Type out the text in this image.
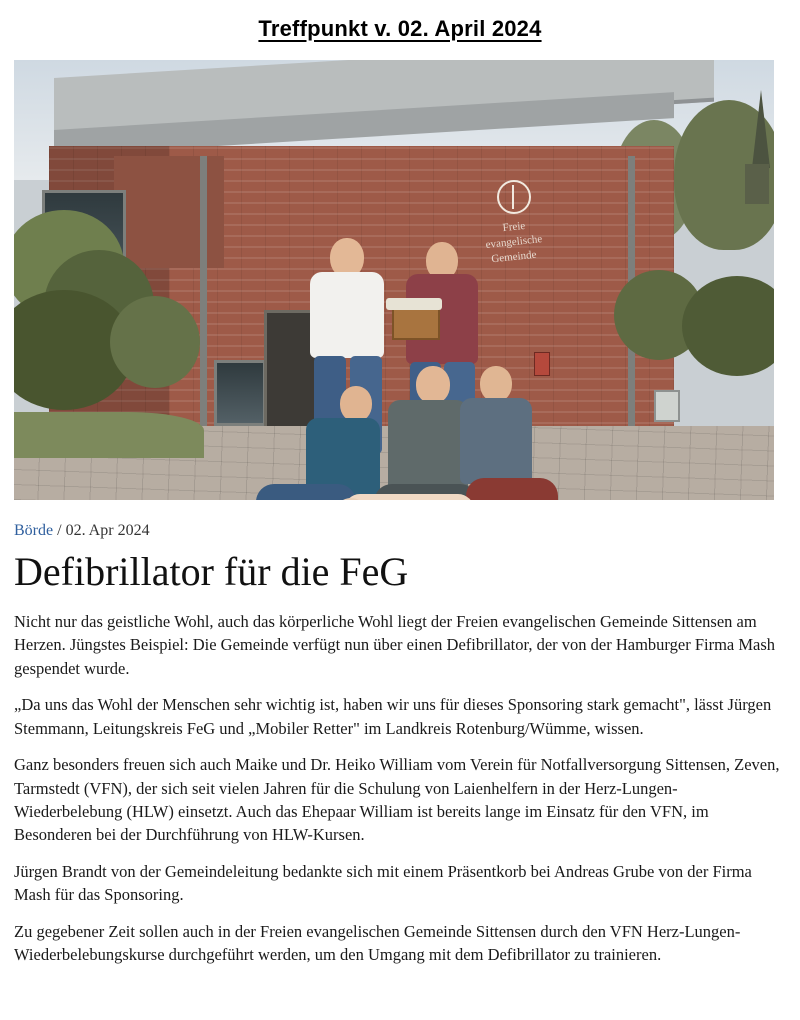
Treffpunkt v. 02. April 2024
Freie
evangelische
Gemeinde
Börde / 02. Apr 2024
Defibrillator für die FeG

Nicht nur das geistliche Wohl, auch das körperliche Wohl liegt der Freien evangelischen Gemeinde Sittensen am Herzen. Jüngstes Beispiel: Die Gemeinde verfügt nun über einen Defibrillator, der von der Hamburger Firma Mash gespendet wurde.

„Da uns das Wohl der Menschen sehr wichtig ist, haben wir uns für dieses Sponsoring stark gemacht", lässt Jürgen Stemmann, Leitungskreis FeG und „Mobiler Retter" im Landkreis Rotenburg/Wümme, wissen.

Ganz besonders freuen sich auch Maike und Dr. Heiko William vom Verein für Notfallversorgung Sittensen, Zeven, Tarmstedt (VFN), der sich seit vielen Jahren für die Schulung von Laienhelfern in der Herz-Lungen-Wiederbelebung (HLW) einsetzt. Auch das Ehepaar William ist bereits lange im Einsatz für den VFN, im Besonderen bei der Durchführung von HLW-Kursen.

Jürgen Brandt von der Gemeindeleitung bedankte sich mit einem Präsentkorb bei Andreas Grube von der Firma Mash für das Sponsoring.

Zu gegebener Zeit sollen auch in der Freien evangelischen Gemeinde Sittensen durch den VFN Herz-Lungen-Wiederbelebungskurse durchgeführt werden, um den Umgang mit dem Defibrillator zu trainieren.
